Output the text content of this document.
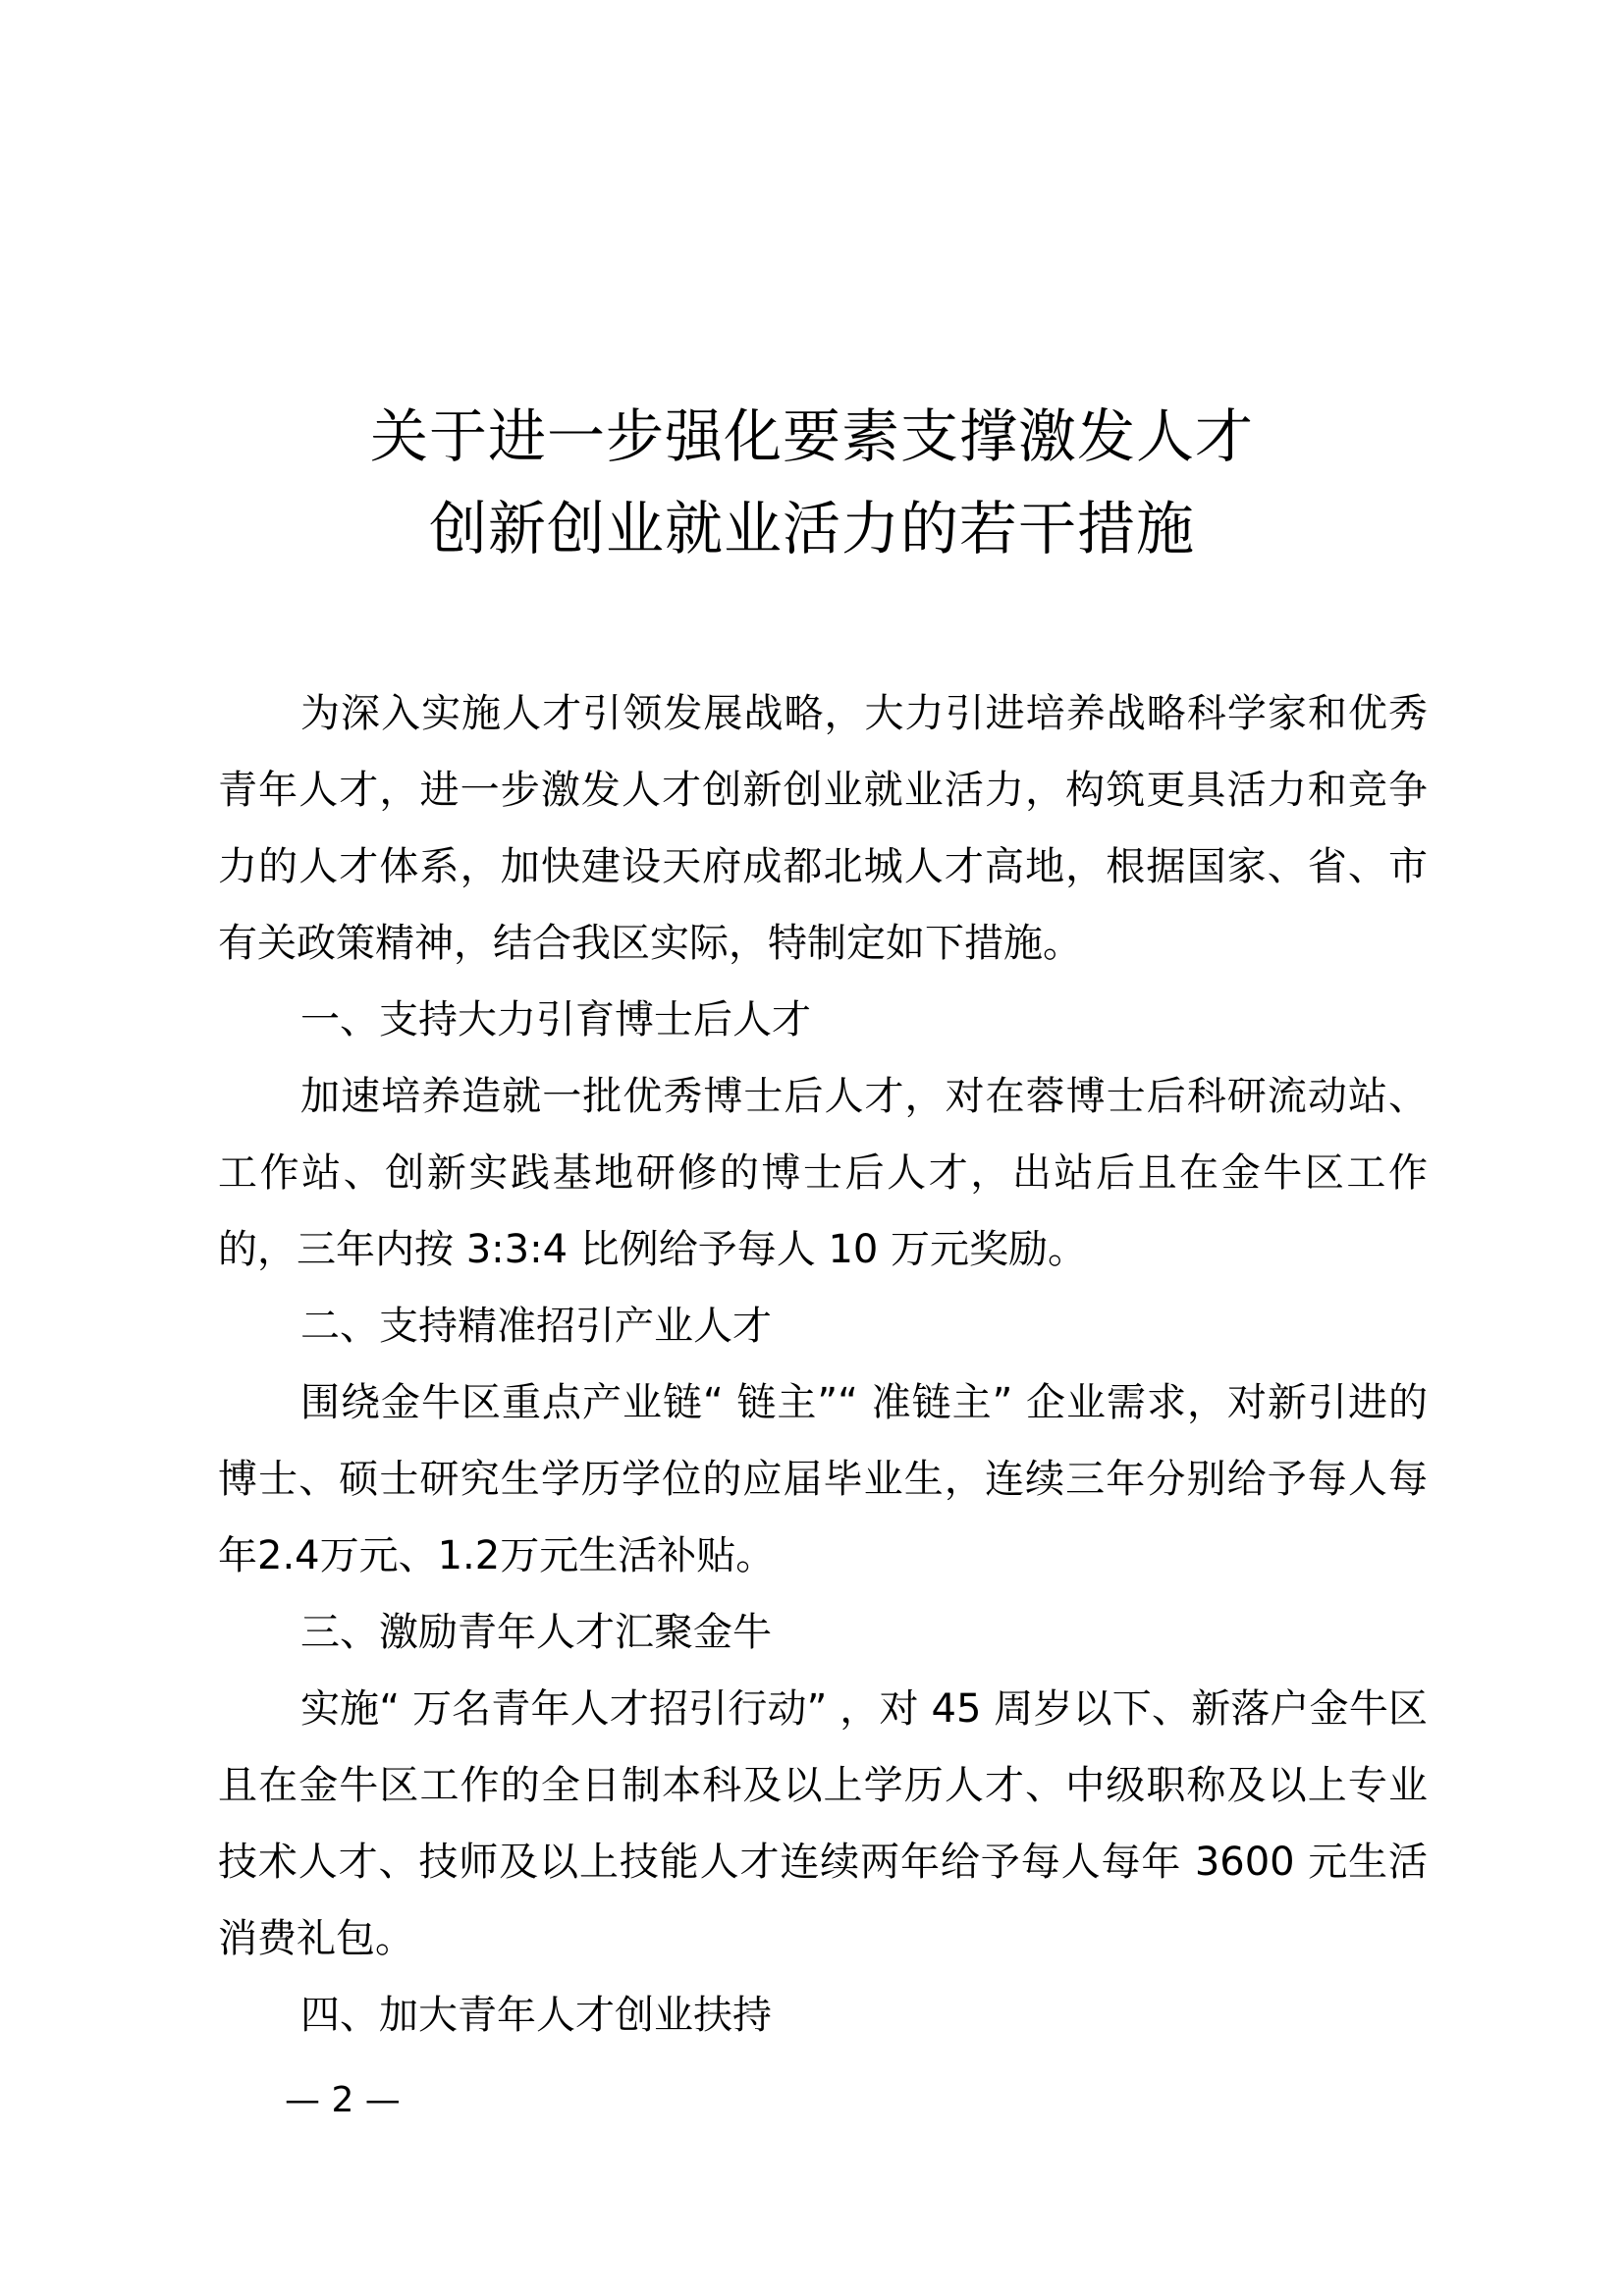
关于进一步强化要素支撑激发人才
创新创业就业活力的若干措施

为深入实施人才引领发展战略，大力引进培养战略科学家和优秀青年人才，进一步激发人才创新创业就业活力，构筑更具活力和竞争力的人才体系，加快建设天府成都北城人才高地，根据国家、省、市有关政策精神，结合我区实际，特制定如下措施。

一、支持大力引育博士后人才

加速培养造就一批优秀博士后人才，对在蓉博士后科研流动站、工作站、创新实践基地研修的博士后人才，出站后且在金牛区工作的，三年内按 3:3:4 比例给予每人 10 万元奖励。

二、支持精准招引产业人才

围绕金牛区重点产业链“ 链主”“ 准链主” 企业需求，对新引进的博士、硕士研究生学历学位的应届毕业生，连续三年分别给予每人每年2.4万元、1.2万元生活补贴。

三、激励青年人才汇聚金牛

实施“ 万名青年人才招引行动” ，对 45 周岁以下、新落户金牛区且在金牛区工作的全日制本科及以上学历人才、中级职称及以上专业技术人才、技师及以上技能人才连续两年给予每人每年 3600 元生活消费礼包。

四、加大青年人才创业扶持

— 2 —
